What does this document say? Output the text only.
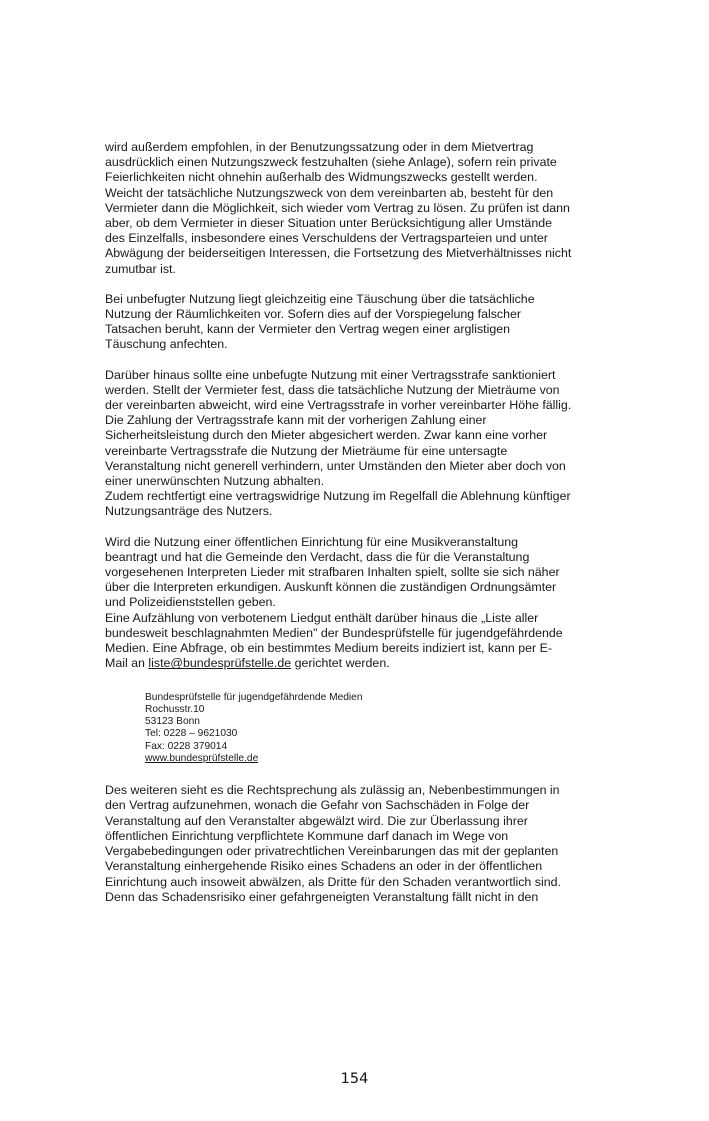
wird außerdem empfohlen, in der Benutzungssatzung oder in dem Mietvertrag
ausdrücklich einen Nutzungszweck festzuhalten (siehe Anlage), sofern rein private
Feierlichkeiten nicht ohnehin außerhalb des Widmungszwecks gestellt werden.
Weicht der tatsächliche Nutzungszweck von dem vereinbarten ab, besteht für den
Vermieter dann die Möglichkeit, sich wieder vom Vertrag zu lösen. Zu prüfen ist dann
aber, ob dem Vermieter in dieser Situation unter Berücksichtigung aller Umstände
des Einzelfalls, insbesondere eines Verschuldens der Vertragsparteien und unter
Abwägung der beiderseitigen Interessen, die Fortsetzung des Mietverhältnisses nicht
zumutbar ist.
Bei unbefugter Nutzung liegt gleichzeitig eine Täuschung über die tatsächliche
Nutzung der Räumlichkeiten vor. Sofern dies auf der Vorspiegelung falscher
Tatsachen beruht, kann der Vermieter den Vertrag wegen einer arglistigen
Täuschung anfechten.
Darüber hinaus sollte eine unbefugte Nutzung mit einer Vertragsstrafe sanktioniert
werden. Stellt der Vermieter fest, dass die tatsächliche Nutzung der Mieträume von
der vereinbarten abweicht, wird eine Vertragsstrafe in vorher vereinbarter Höhe fällig.
Die Zahlung der Vertragsstrafe kann mit der vorherigen Zahlung einer
Sicherheitsleistung durch den Mieter abgesichert werden. Zwar kann eine vorher
vereinbarte Vertragsstrafe die Nutzung der Mieträume für eine untersagte
Veranstaltung nicht generell verhindern, unter Umständen den Mieter aber doch von
einer unerwünschten Nutzung abhalten.
Zudem rechtfertigt eine vertragswidrige Nutzung im Regelfall die Ablehnung künftiger
Nutzungsanträge des Nutzers.
Wird die Nutzung einer öffentlichen Einrichtung für eine Musikveranstaltung
beantragt und hat die Gemeinde den Verdacht, dass die für die Veranstaltung
vorgesehenen Interpreten Lieder mit strafbaren Inhalten spielt, sollte sie sich näher
über die Interpreten erkundigen. Auskunft können die zuständigen Ordnungsämter
und Polizeidienststellen geben.
Eine Aufzählung von verbotenem Liedgut enthält darüber hinaus die „Liste aller
bundesweit beschlagnahmten Medien" der Bundesprüfstelle für jugendgefährdende
Medien. Eine Abfrage, ob ein bestimmtes Medium bereits indiziert ist, kann per E-
Mail an liste@bundesprüfstelle.de gerichtet werden.
Bundesprüfstelle für jugendgefährdende Medien
Rochusstr.10
53123 Bonn
Tel: 0228 – 9621030
Fax: 0228 379014
www.bundesprüfstelle.de
Des weiteren sieht es die Rechtsprechung als zulässig an, Nebenbestimmungen in
den Vertrag aufzunehmen, wonach die Gefahr von Sachschäden in Folge der
Veranstaltung auf den Veranstalter abgewälzt wird. Die zur Überlassung ihrer
öffentlichen Einrichtung verpflichtete Kommune darf danach im Wege von
Vergabebedingungen oder privatrechtlichen Vereinbarungen das mit der geplanten
Veranstaltung einhergehende Risiko eines Schadens an oder in der öffentlichen
Einrichtung auch insoweit abwälzen, als Dritte für den Schaden verantwortlich sind.
Denn das Schadensrisiko einer gefahrgeneigten Veranstaltung fällt nicht in den
154
